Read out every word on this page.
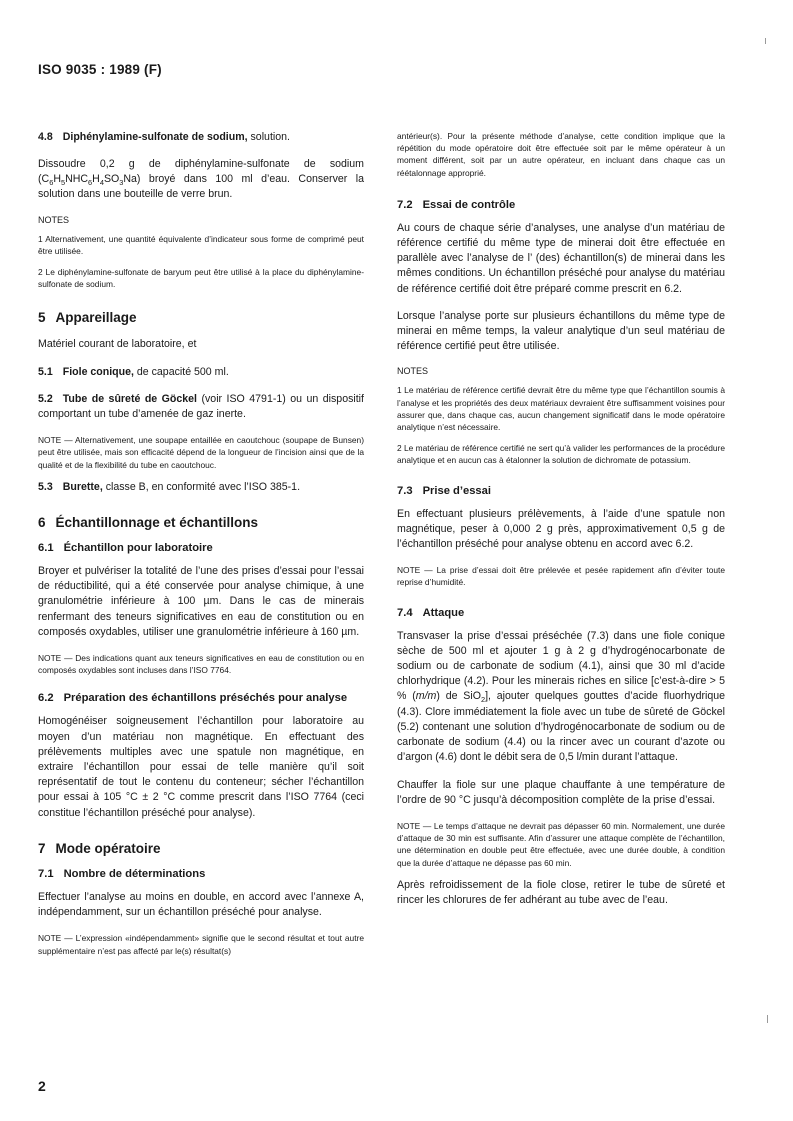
ISO 9035 : 1989 (F)
4.8 Diphénylamine-sulfonate de sodium, solution.

Dissoudre 0,2 g de diphénylamine-sulfonate de sodium $(C_6H_5NHC_6H_4SO_3Na)$ broyé dans 100 ml d’eau. Conserver la solution dans une bouteille de verre brun.

NOTES

1 Alternativement, une quantité équivalente d’indicateur sous forme de comprimé peut être utilisée.

2 Le diphénylamine-sulfonate de baryum peut être utilisé à la place du diphénylamine-sulfonate de sodium.

5 Appareillage

Matériel courant de laboratoire, et

5.1 Fiole conique, de capacité 500 ml.

5.2 Tube de sûreté de Göckel (voir ISO 4791-1) ou un dispositif comportant un tube d’amenée de gaz inerte.

NOTE — Alternativement, une soupape entaillée en caoutchouc (soupape de Bunsen) peut être utilisée, mais son efficacité dépend de la longueur de l’incision ainsi que de la qualité et de la flexibilité du tube en caoutchouc.

5.3 Burette, classe B, en conformité avec l’ISO 385-1.

6 Échantillonnage et échantillons
6.1 Échantillon pour laboratoire

Broyer et pulvériser la totalité de l’une des prises d’essai pour l’essai de réductibilité, qui a été conservée pour analyse chimique, à une granulométrie inférieure à 100 µm. Dans le cas de minerais renfermant des teneurs significatives en eau de constitution ou en composés oxydables, utiliser une granulométrie inférieure à 160 µm.

NOTE — Des indications quant aux teneurs significatives en eau de constitution ou en composés oxydables sont incluses dans l’ISO 7764.

6.2 Préparation des échantillons préséchés pour analyse

Homogénéiser soigneusement l’échantillon pour laboratoire au moyen d’un matériau non magnétique. En effectuant des prélèvements multiples avec une spatule non magnétique, en extraire l’échantillon pour essai de telle manière qu’il soit représentatif de tout le contenu du conteneur; sécher l’échantillon pour essai à 105 °C ± 2 °C comme prescrit dans l’ISO 7764 (ceci constitue l’échantillon préséché pour analyse).

7 Mode opératoire
7.1 Nombre de déterminations

Effectuer l’analyse au moins en double, en accord avec l’annexe A, indépendamment, sur un échantillon préséché pour analyse.

NOTE — L’expression «indépendamment» signifie que le second résultat et tout autre supplémentaire n’est pas affecté par le(s) résultat(s)

antérieur(s). Pour la présente méthode d’analyse, cette condition implique que la répétition du mode opératoire doit être effectuée soit par le même opérateur à un moment différent, soit par un autre opérateur, en incluant dans chaque cas un réétalonnage approprié.

7.2 Essai de contrôle

Au cours de chaque série d’analyses, une analyse d’un matériau de référence certifié du même type de minerai doit être effectuée en parallèle avec l’analyse de l’ (des) échantillon(s) de minerai dans les mêmes conditions. Un échantillon préséché pour analyse du matériau de référence certifié doit être préparé comme prescrit en 6.2.

Lorsque l’analyse porte sur plusieurs échantillons du même type de minerai en même temps, la valeur analytique d’un seul matériau de référence certifié peut être utilisée.

NOTES

1 Le matériau de référence certifié devrait être du même type que l’échantillon soumis à l’analyse et les propriétés des deux matériaux devraient être suffisamment voisines pour assurer que, dans chaque cas, aucun changement significatif dans le mode opératoire analytique n’est nécessaire.

2 Le matériau de référence certifié ne sert qu’à valider les performances de la procédure analytique et en aucun cas à étalonner la solution de dichromate de potassium.

7.3 Prise d’essai

En effectuant plusieurs prélèvements, à l’aide d’une spatule non magnétique, peser à 0,000 2 g près, approximativement 0,5 g de l’échantillon préséché pour analyse obtenu en accord avec 6.2.

NOTE — La prise d’essai doit être prélevée et pesée rapidement afin d’éviter toute reprise d’humidité.

7.4 Attaque

Transvaser la prise d’essai préséchée (7.3) dans une fiole conique sèche de 500 ml et ajouter 1 g à 2 g d’hydrogénocarbonate de sodium ou de carbonate de sodium (4.1), ainsi que 30 ml d’acide chlorhydrique (4.2). Pour les minerais riches en silice [c’est-à-dire > 5 % (m/m) de SiO$_2$], ajouter quelques gouttes d’acide fluorhydrique (4.3). Clore immédiatement la fiole avec un tube de sûreté de Göckel (5.2) contenant une solution d’hydrogénocarbonate de sodium ou de carbonate de sodium (4.4) ou la rincer avec un courant d’azote ou d’argon (4.6) dont le débit sera de 0,5 l/min durant l’attaque.

Chauffer la fiole sur une plaque chauffante à une température de l’ordre de 90 °C jusqu’à décomposition complète de la prise d’essai.

NOTE — Le temps d’attaque ne devrait pas dépasser 60 min. Normalement, une durée d’attaque de 30 min est suffisante. Afin d’assurer une attaque complète de l’échantillon, une détermination en double peut être effectuée, avec une durée double, à condition que la durée d’attaque ne dépasse pas 60 min.

Après refroidissement de la fiole close, retirer le tube de sûreté et rincer les chlorures de fer adhérant au tube avec de l’eau.

2
